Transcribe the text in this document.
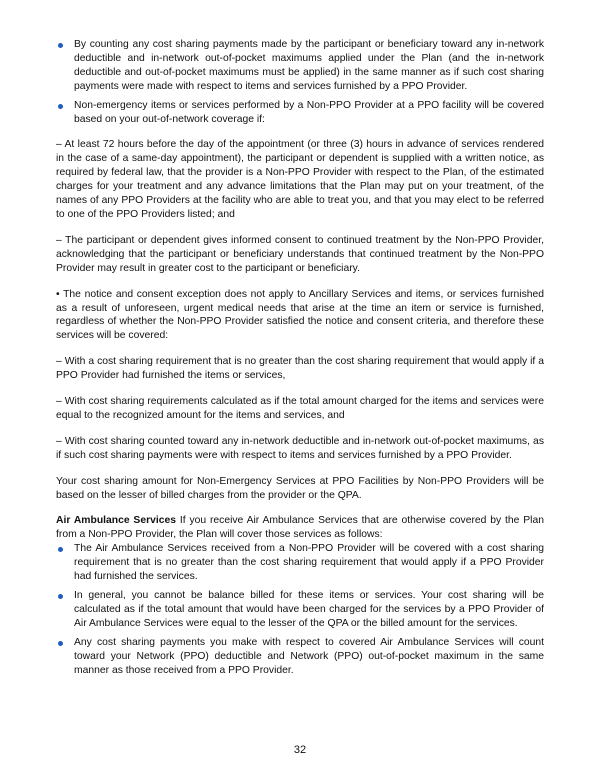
By counting any cost sharing payments made by the participant or beneficiary toward any in-network deductible and in-network out-of-pocket maximums applied under the Plan (and the in-network deductible and out-of-pocket maximums must be applied) in the same manner as if such cost sharing payments were made with respect to items and services furnished by a PPO Provider.
Non-emergency items or services performed by a Non-PPO Provider at a PPO facility will be covered based on your out-of-network coverage if:

– At least 72 hours before the day of the appointment (or three (3) hours in advance of services rendered in the case of a same-day appointment), the participant or dependent is supplied with a written notice, as required by federal law, that the provider is a Non-PPO Provider with respect to the Plan, of the estimated charges for your treatment and any advance limitations that the Plan may put on your treatment, of the names of any PPO Providers at the facility who are able to treat you, and that you may elect to be referred to one of the PPO Providers listed; and

– The participant or dependent gives informed consent to continued treatment by the Non-PPO Provider, acknowledging that the participant or beneficiary understands that continued treatment by the Non-PPO Provider may result in greater cost to the participant or beneficiary.

• The notice and consent exception does not apply to Ancillary Services and items, or services furnished as a result of unforeseen, urgent medical needs that arise at the time an item or service is furnished, regardless of whether the Non-PPO Provider satisfied the notice and consent criteria, and therefore these services will be covered:

– With a cost sharing requirement that is no greater than the cost sharing requirement that would apply if a PPO Provider had furnished the items or services,

– With cost sharing requirements calculated as if the total amount charged for the items and services were equal to the recognized amount for the items and services, and

– With cost sharing counted toward any in-network deductible and in-network out-of-pocket maximums, as if such cost sharing payments were with respect to items and services furnished by a PPO Provider.

Your cost sharing amount for Non-Emergency Services at PPO Facilities by Non-PPO Providers will be based on the lesser of billed charges from the provider or the QPA.

Air Ambulance Services If you receive Air Ambulance Services that are otherwise covered by the Plan from a Non-PPO Provider, the Plan will cover those services as follows:

The Air Ambulance Services received from a Non-PPO Provider will be covered with a cost sharing requirement that is no greater than the cost sharing requirement that would apply if a PPO Provider had furnished the services.
In general, you cannot be balance billed for these items or services. Your cost sharing will be calculated as if the total amount that would have been charged for the services by a PPO Provider of Air Ambulance Services were equal to the lesser of the QPA or the billed amount for the services.
Any cost sharing payments you make with respect to covered Air Ambulance Services will count toward your Network (PPO) deductible and Network (PPO) out-of-pocket maximum in the same manner as those received from a PPO Provider.
32
